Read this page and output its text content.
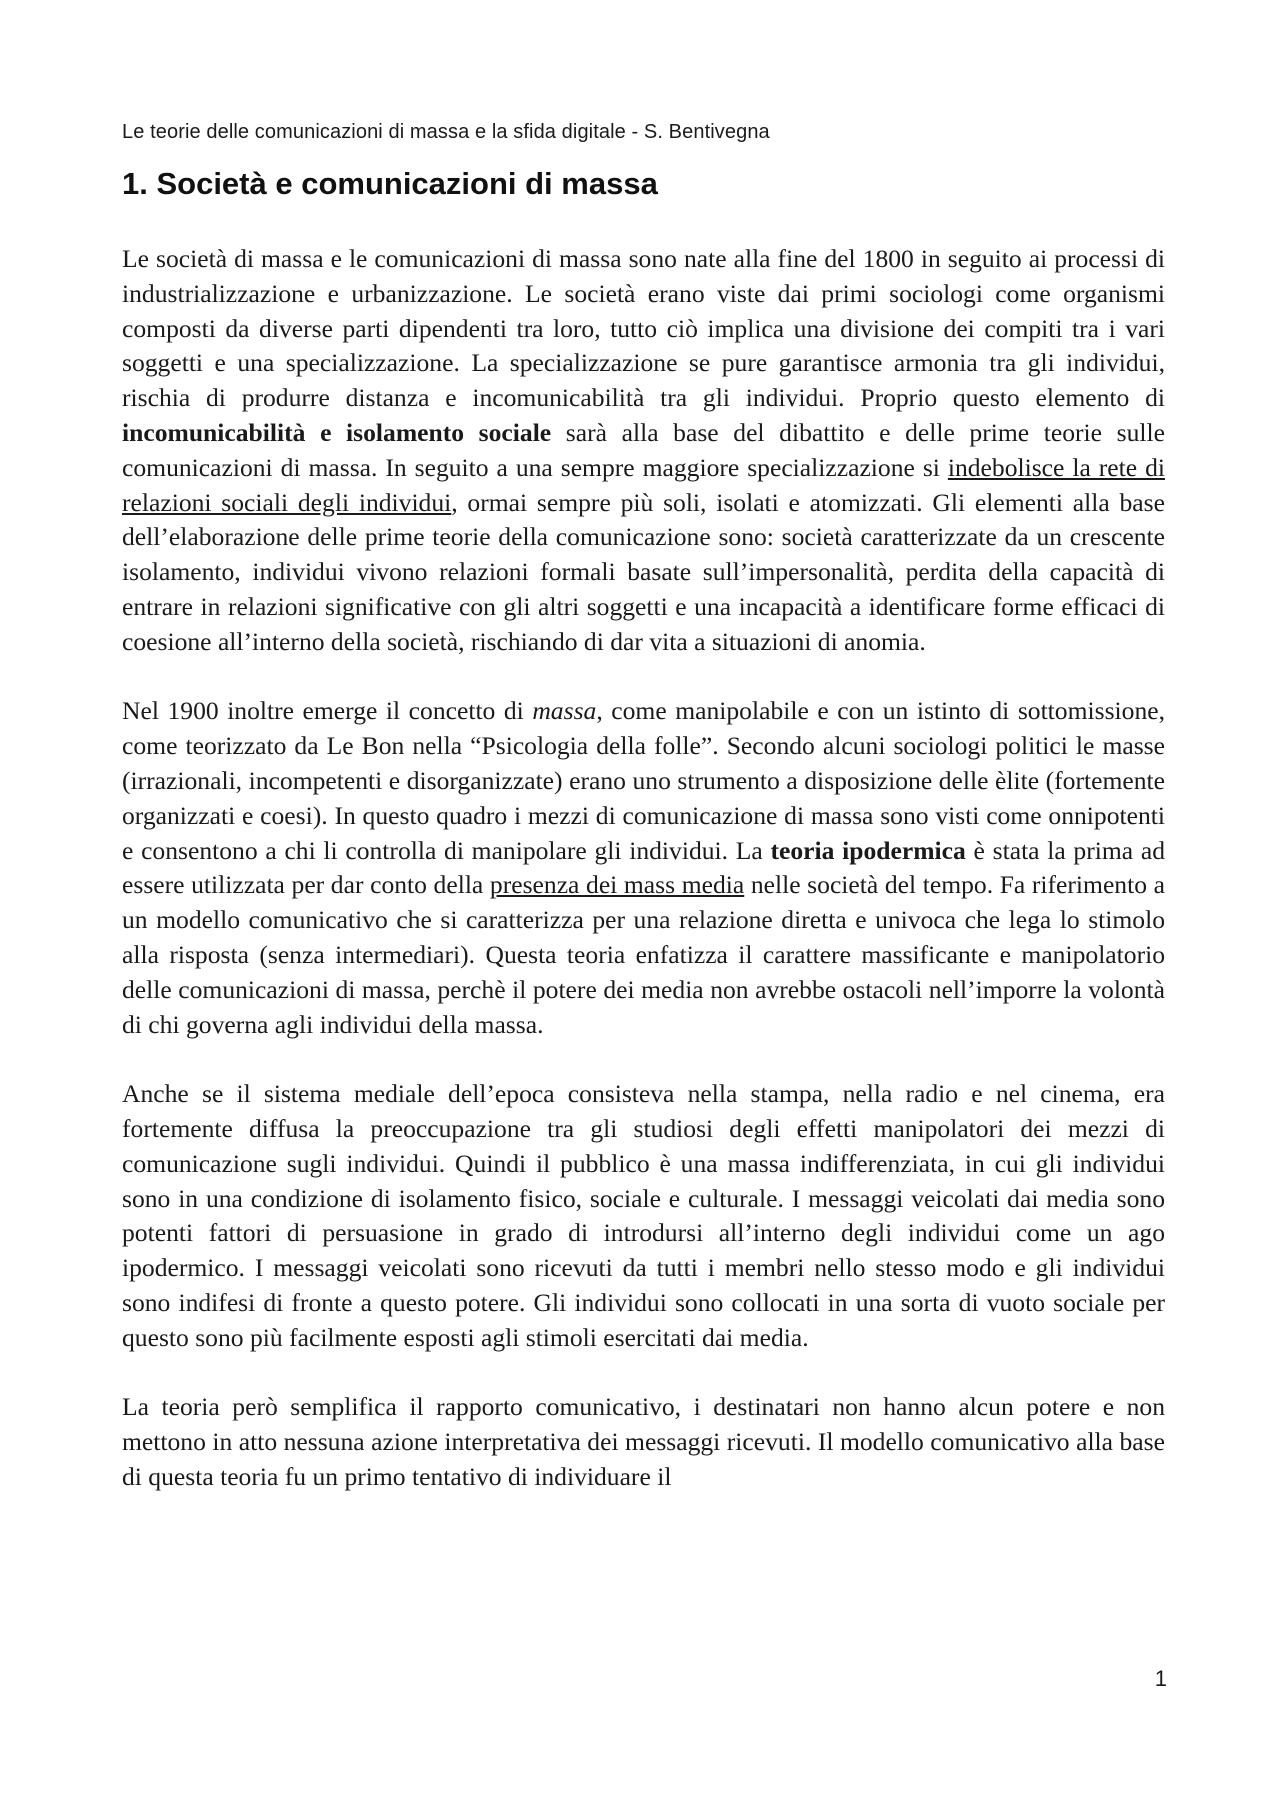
Le teorie delle comunicazioni di massa e la sfida digitale - S. Bentivegna
1. Società e comunicazioni di massa

Le società di massa e le comunicazioni di massa sono nate alla fine del 1800 in seguito ai processi di industrializzazione e urbanizzazione. Le società erano viste dai primi sociologi come organismi composti da diverse parti dipendenti tra loro, tutto ciò implica una divisione dei compiti tra i vari soggetti e una specializzazione. La specializzazione se pure garantisce armonia tra gli individui, rischia di produrre distanza e incomunicabilità tra gli individui. Proprio questo elemento di incomunicabilità e isolamento sociale sarà alla base del dibattito e delle prime teorie sulle comunicazioni di massa. In seguito a una sempre maggiore specializzazione si indebolisce la rete di relazioni sociali degli individui, ormai sempre più soli, isolati e atomizzati. Gli elementi alla base dell’elaborazione delle prime teorie della comunicazione sono: società caratterizzate da un crescente isolamento, individui vivono relazioni formali basate sull’impersonalità, perdita della capacità di entrare in relazioni significative con gli altri soggetti e una incapacità a identificare forme efficaci di coesione all’interno della società, rischiando di dar vita a situazioni di anomia.

Nel 1900 inoltre emerge il concetto di massa, come manipolabile e con un istinto di sottomissione, come teorizzato da Le Bon nella “Psicologia della folle”. Secondo alcuni sociologi politici le masse (irrazionali, incompetenti e disorganizzate) erano uno strumento a disposizione delle èlite (fortemente organizzati e coesi). In questo quadro i mezzi di comunicazione di massa sono visti come onnipotenti e consentono a chi li controlla di manipolare gli individui. La teoria ipodermica è stata la prima ad essere utilizzata per dar conto della presenza dei mass media nelle società del tempo. Fa riferimento a un modello comunicativo che si caratterizza per una relazione diretta e univoca che lega lo stimolo alla risposta (senza intermediari). Questa teoria enfatizza il carattere massificante e manipolatorio delle comunicazioni di massa, perchè il potere dei media non avrebbe ostacoli nell’imporre la volontà di chi governa agli individui della massa.

Anche se il sistema mediale dell’epoca consisteva nella stampa, nella radio e nel cinema, era fortemente diffusa la preoccupazione tra gli studiosi degli effetti manipolatori dei mezzi di comunicazione sugli individui. Quindi il pubblico è una massa indifferenziata, in cui gli individui sono in una condizione di isolamento fisico, sociale e culturale. I messaggi veicolati dai media sono potenti fattori di persuasione in grado di introdursi all’interno degli individui come un ago ipodermico. I messaggi veicolati sono ricevuti da tutti i membri nello stesso modo e gli individui sono indifesi di fronte a questo potere. Gli individui sono collocati in una sorta di vuoto sociale per questo sono più facilmente esposti agli stimoli esercitati dai media.

La teoria però semplifica il rapporto comunicativo, i destinatari non hanno alcun potere e non mettono in atto nessuna azione interpretativa dei messaggi ricevuti. Il modello comunicativo alla base di questa teoria fu un primo tentativo di individuare il

1
